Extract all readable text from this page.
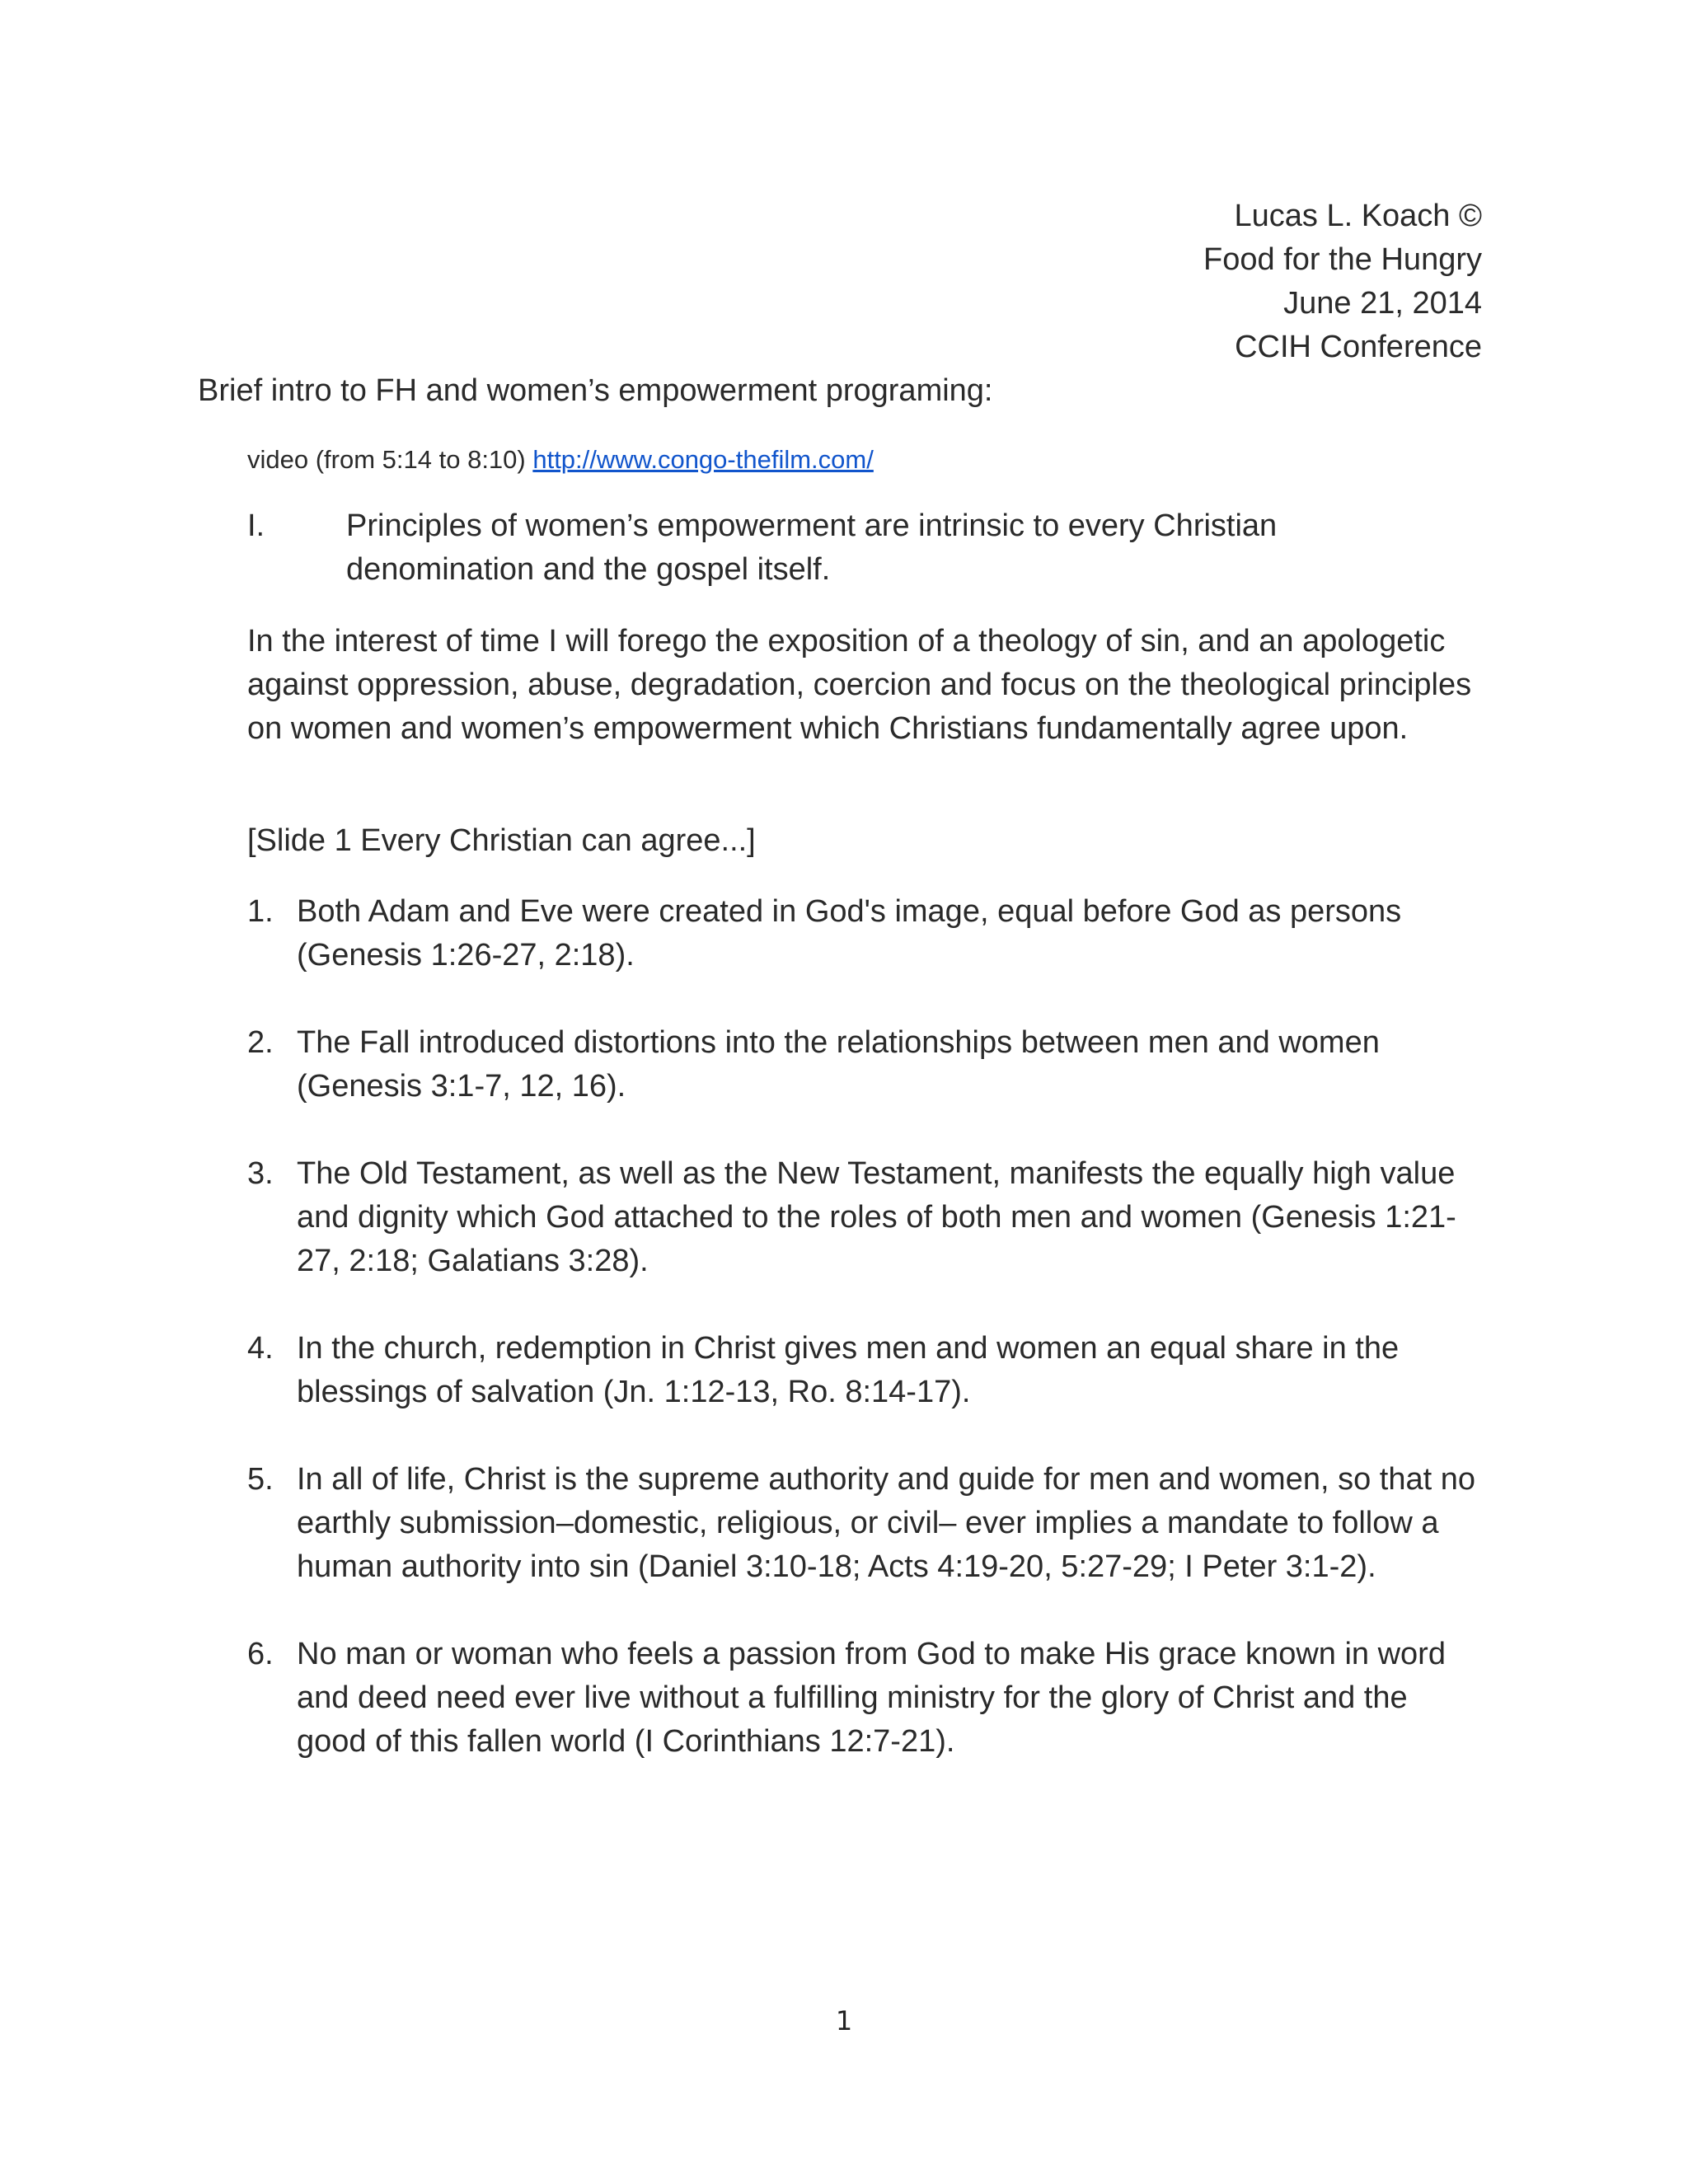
Lucas L. Koach ©
Food for the Hungry
June 21, 2014
CCIH Conference
Brief intro to FH and women’s empowerment programing:
video (from 5:14 to 8:10) http://www.congo-thefilm.com/
I.	Principles of women’s empowerment are intrinsic to every Christian denomination and the gospel itself.
In the interest of time I will forego the exposition of a theology of sin, and an apologetic against oppression, abuse, degradation, coercion and focus on the theological principles on women and women’s empowerment which Christians fundamentally agree upon.
[Slide 1 Every Christian can agree...]
1. Both Adam and Eve were created in God's image, equal before God as persons (Genesis 1:26-27, 2:18).
2. The Fall introduced distortions into the relationships between men and women (Genesis 3:1-7, 12, 16).
3. The Old Testament, as well as the New Testament, manifests the equally high value and dignity which God attached to the roles of both men and women (Genesis 1:21-27, 2:18; Galatians 3:28).
4. In the church, redemption in Christ gives men and women an equal share in the blessings of salvation (Jn. 1:12-13, Ro. 8:14-17).
5. In all of life, Christ is the supreme authority and guide for men and women, so that no earthly submission–domestic, religious, or civil– ever implies a mandate to follow a human authority into sin (Daniel 3:10-18; Acts 4:19-20, 5:27-29; I Peter 3:1-2).
6. No man or woman who feels a passion from God to make His grace known in word and deed need ever live without a fulfilling ministry for the glory of Christ and the good of this fallen world (I Corinthians 12:7-21).
1
